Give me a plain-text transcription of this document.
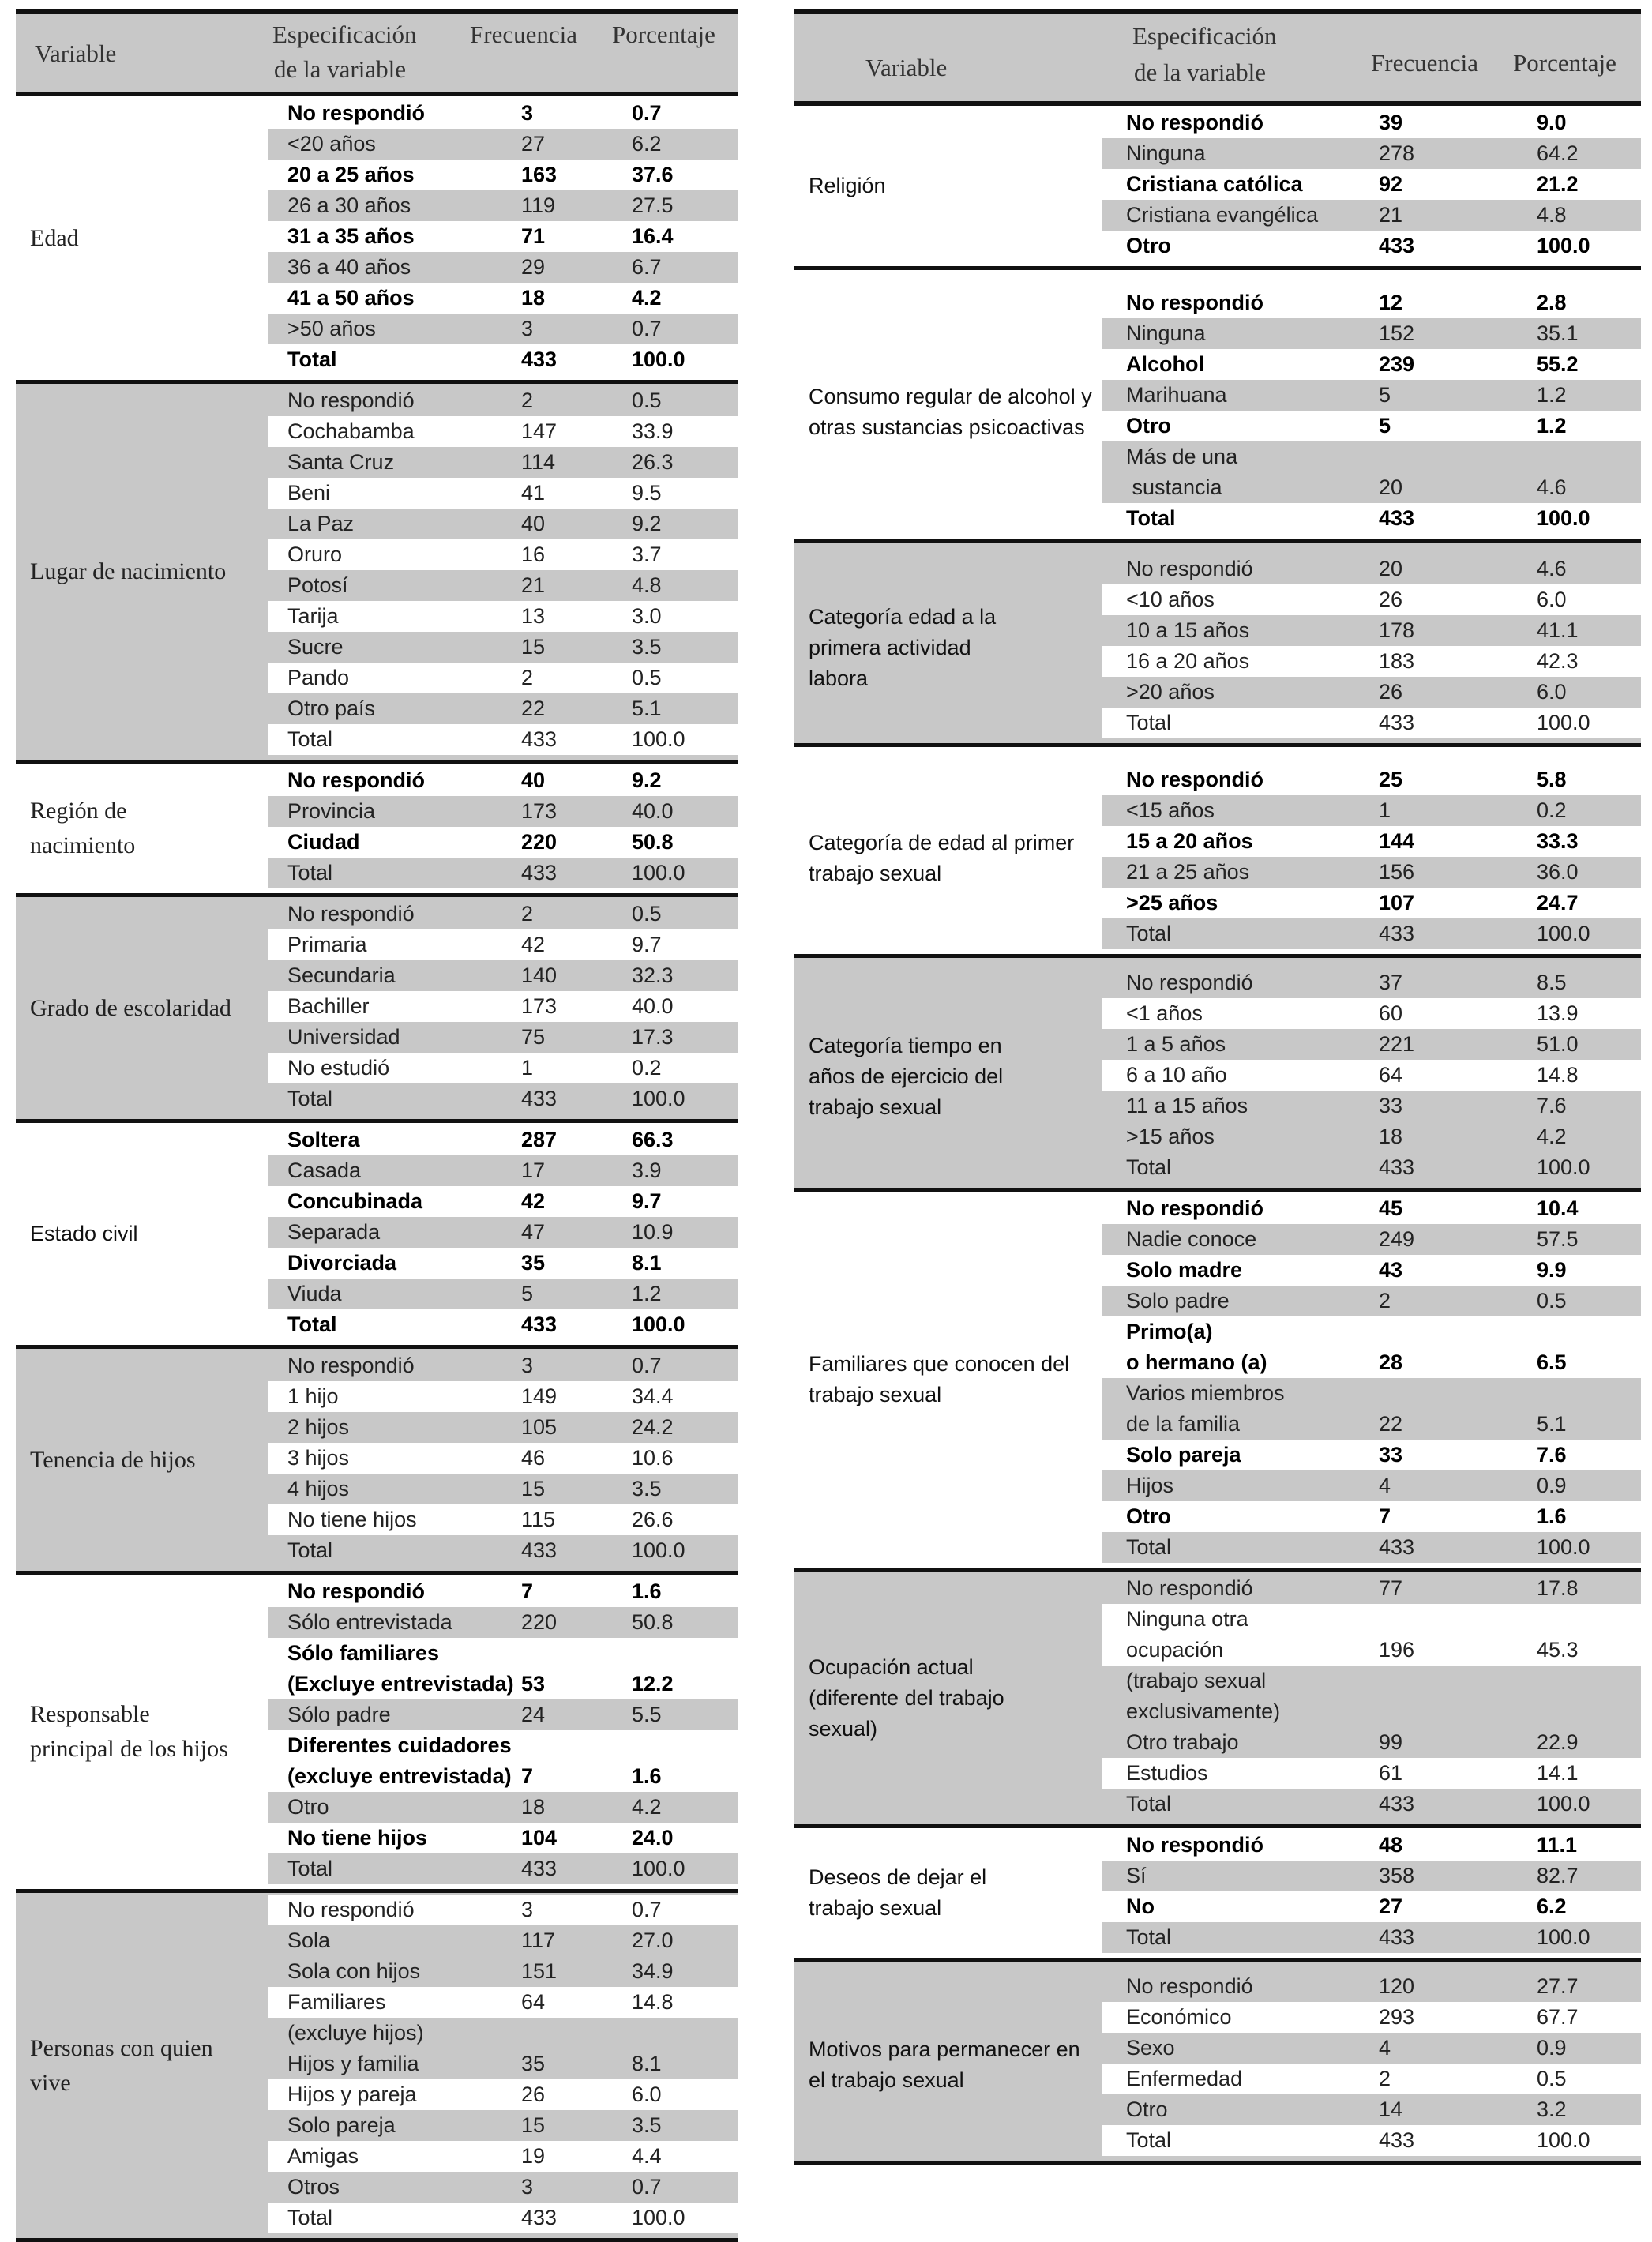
Variable
Especificación
de la variable
Frecuencia Porcentaje
Edad
No respondió	3	0.7
<20 años	27	6.2
20 a 25 años	163	37.6
26 a 30 años	119	27.5
31 a 35 años	71	16.4
36 a 40 años	29	6.7
41 a 50 años	18	4.2
>50 años	3	0.7
Total	433	100.0
Lugar de nacimiento
No respondió	2	0.5
Cochabamba	147	33.9
Santa Cruz	114	26.3
Beni	41	9.5
La Paz	40	9.2
Oruro	16	3.7
Potosí	21	4.8
Tarija	13	3.0
Sucre	15	3.5
Pando	2	0.5
Otro país	22	5.1
Total	433	100.0
Región de nacimiento
No respondió	40	9.2
Provincia	173	40.0
Ciudad	220	50.8
Total	433	100.0
Grado de escolaridad
No respondió	2	0.5
Primaria	42	9.7
Secundaria	140	32.3
Bachiller	173	40.0
Universidad	75	17.3
No estudió	1	0.2
Total	433	100.0
Estado civil
Soltera	287	66.3
Casada	17	3.9
Concubinada	42	9.7
Separada	47	10.9
Divorciada	35	8.1
Viuda	5	1.2
Total	433	100.0
Tenencia de hijos
No respondió	3	0.7
1 hijo	149	34.4
2 hijos	105	24.2
3 hijos	46	10.6
4 hijos	15	3.5
No tiene hijos	115	26.6
Total	433	100.0
Responsable principal de los hijos
No respondió	7	1.6
Sólo entrevistada	220	50.8
Sólo familiares
(Excluye entrevistada) 53	12.2
Sólo padre	24	5.5
Diferentes cuidadores
(excluye entrevistada) 7	1.6
Otro	18	4.2
No tiene hijos	104	24.0
Total	433	100.0
Personas con quien vive
No respondió	3	0.7
Sola	117	27.0
Sola con hijos	151	34.9
Familiares	64	14.8
(excluye hijos)
Hijos y familia	35	8.1
Hijos y pareja	26	6.0
Solo pareja	15	3.5
Amigas	19	4.4
Otros	3	0.7
Total	433	100.0
Variable
Especificación
de la variable	Frecuencia Porcentaje
Religión
No respondió	39	9.0
Ninguna	278	64.2
Cristiana católica	92	21.2
Cristiana evangélica	21	4.8
Otro	433	100.0
Consumo regular de alcohol y otras sustancias psicoactivas
No respondió	12	2.8
Ninguna	152	35.1
Alcohol	239	55.2
Marihuana	5	1.2
Otro	5	1.2
Más de una
sustancia	20	4.6
Total	433	100.0
Categoría edad a la primera actividad labora
No respondió	20	4.6
<10 años	26	6.0
10 a 15 años	178	41.1
16 a 20 años	183	42.3
>20 años	26	6.0
Total	433	100.0
Categoría de edad al primer trabajo sexual
No respondió	25	5.8
<15 años	1	0.2
15 a 20 años	144	33.3
21 a 25 años	156	36.0
>25 años	107	24.7
Total	433	100.0
Categoría tiempo en años de ejercicio del trabajo sexual
No respondió	37	8.5
<1 años	60	13.9
1 a 5 años	221	51.0
6 a 10 año	64	14.8
11 a 15 años	33	7.6
>15 años	18	4.2
Total	433	100.0
Familiares que conocen del trabajo sexual
No respondió	45	10.4
Nadie conoce	249	57.5
Solo madre	43	9.9
Solo padre	2	0.5
Primo(a)
o hermano (a)	28	6.5
Varios miembros
de la familia	22	5.1
Solo pareja	33	7.6
Hijos	4	0.9
Otro	7	1.6
Total	433	100.0
Ocupación actual (diferente del trabajo sexual)
No respondió	77	17.8
Ninguna otra
ocupación	196	45.3
(trabajo sexual
exclusivamente)
Otro trabajo	99	22.9
Estudios	61	14.1
Total	433	100.0
Deseos de dejar el trabajo sexual
No respondió	48	11.1
Sí	358	82.7
No	27	6.2
Total	433	100.0
Motivos para permanecer en el trabajo sexual
No respondió	120	27.7
Económico	293	67.7
Sexo	4	0.9
Enfermedad	2	0.5
Otro	14	3.2
Total	433	100.0
